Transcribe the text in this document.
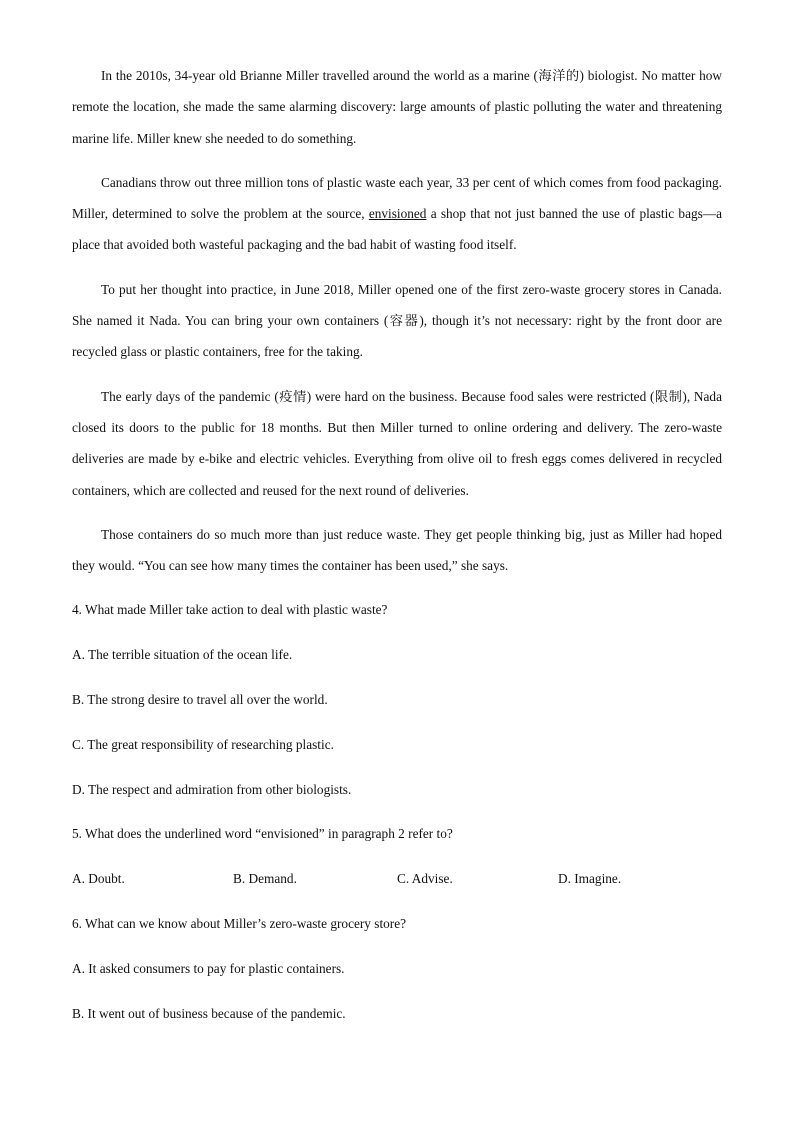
In the 2010s, 34-year old Brianne Miller travelled around the world as a marine (海洋的) biologist. No matter how remote the location, she made the same alarming discovery: large amounts of plastic polluting the water and threatening marine life. Miller knew she needed to do something.

Canadians throw out three million tons of plastic waste each year, 33 per cent of which comes from food packaging. Miller, determined to solve the problem at the source, envisioned a shop that not just banned the use of plastic bags—a place that avoided both wasteful packaging and the bad habit of wasting food itself.

To put her thought into practice, in June 2018, Miller opened one of the first zero-waste grocery stores in Canada. She named it Nada. You can bring your own containers (容器), though it’s not necessary: right by the front door are recycled glass or plastic containers, free for the taking.

The early days of the pandemic (疫情) were hard on the business. Because food sales were restricted (限制), Nada closed its doors to the public for 18 months. But then Miller turned to online ordering and delivery. The zero-waste deliveries are made by e-bike and electric vehicles. Everything from olive oil to fresh eggs comes delivered in recycled containers, which are collected and reused for the next round of deliveries.

Those containers do so much more than just reduce waste. They get people thinking big, just as Miller had hoped they would. “You can see how many times the container has been used,” she says.

4. What made Miller take action to deal with plastic waste?

A. The terrible situation of the ocean life.

B. The strong desire to travel all over the world.

C. The great responsibility of researching plastic.

D. The respect and admiration from other biologists.

5. What does the underlined word “envisioned” in paragraph 2 refer to?

A. Doubt.	B. Demand.	C. Advise.	D. Imagine.

6. What can we know about Miller’s zero-waste grocery store?

A. It asked consumers to pay for plastic containers.

B. It went out of business because of the pandemic.
